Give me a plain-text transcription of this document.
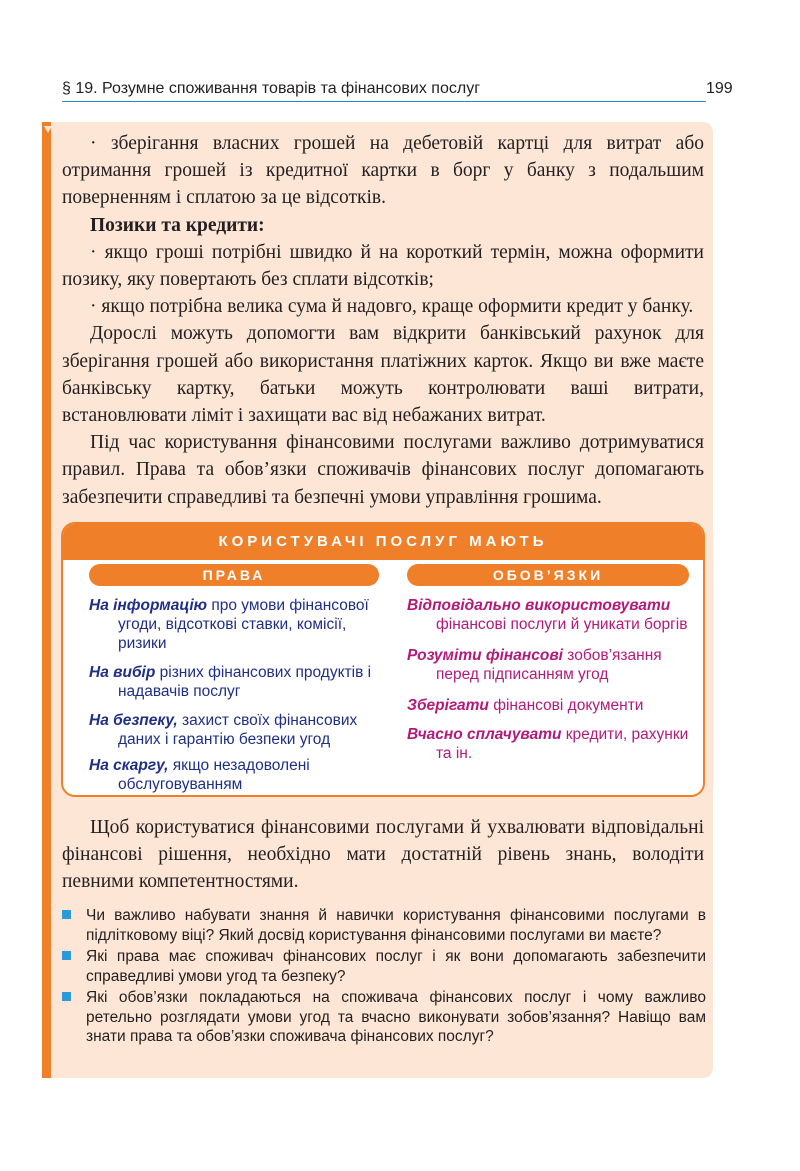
§ 19. Розумне споживання товарів та фінансових послуг	199

· зберігання власних грошей на дебетовій картці для витрат або отримання грошей із кредитної картки в борг у банку з подальшим поверненням і сплатою за це відсотків.

Позики та кредити:

· якщо гроші потрібні швидко й на короткий термін, можна оформити позику, яку повертають без сплати відсотків;

· якщо потрібна велика сума й надовго, краще оформити кредит у банку.

Дорослі можуть допомогти вам відкрити банківський рахунок для зберігання грошей або використання платіжних карток. Якщо ви вже маєте банківську картку, батьки можуть контролювати ваші витрати, встановлювати ліміт і захищати вас від небажаних витрат.

Під час користування фінансовими послугами важливо дотримуватися правил. Права та обов’язки споживачів фінансових послуг допомагають забезпечити справедливі та безпечні умови управління грошима.

КОРИСТУВАЧІ ПОСЛУГ МАЮТЬ
ПРАВА	ОБОВ’ЯЗКИ
На інформацію про умови фінансової угоди, відсоткові ставки, комісії, ризики
На вибір різних фінансових продуктів і надавачів послуг
На безпеку, захист своїх фінансових даних і гарантію безпеки угод
На скаргу, якщо незадоволені обслуговуванням
Відповідально використовувати фінансові послуги й уникати боргів
Розуміти фінансові зобов’язання перед підписанням угод
Зберігати фінансові документи
Вчасно сплачувати кредити, рахунки та ін.

Щоб користуватися фінансовими послугами й ухвалювати відповідальні фінансові рішення, необхідно мати достатній рівень знань, володіти певними компетентностями.

Чи важливо набувати знання й навички користування фінансовими послугами в підлітковому віці? Який досвід користування фінансовими послугами ви маєте?
Які права має споживач фінансових послуг і як вони допомагають забезпечити справедливі умови угод та безпеку?
Які обов’язки покладаються на споживача фінансових послуг і чому важливо ретельно розглядати умови угод та вчасно виконувати зобов’язання? Навіщо вам знати права та обов’язки споживача фінансових послуг?
